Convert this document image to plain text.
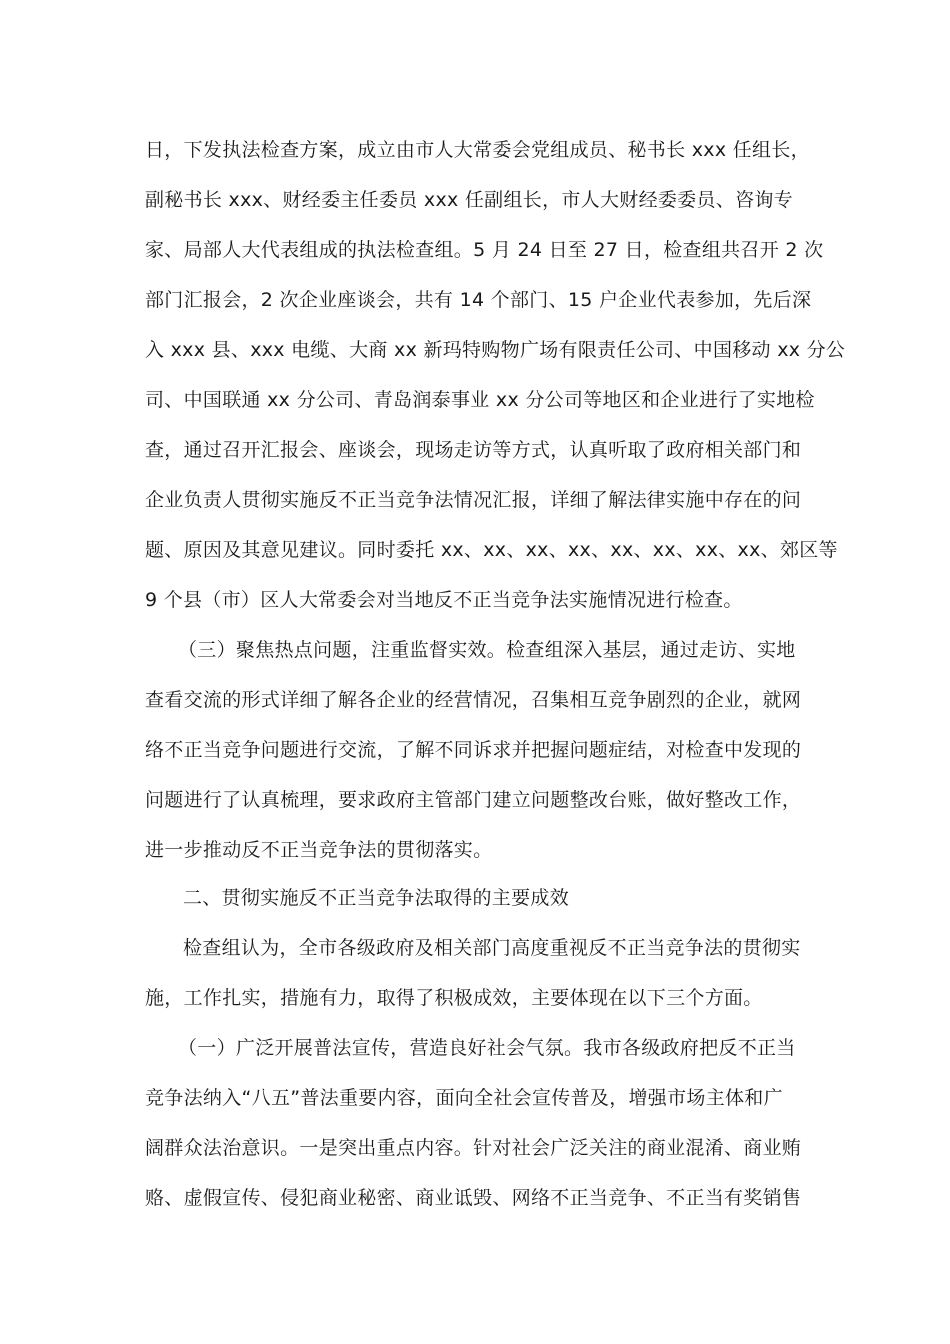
日，下发执法检查方案，成立由市人大常委会党组成员、秘书长 xxx 任组长，

副秘书长 xxx、财经委主任委员 xxx 任副组长，市人大财经委委员、咨询专

家、局部人大代表组成的执法检查组。5 月 24 日至 27 日，检查组共召开 2 次

部门汇报会，2 次企业座谈会，共有 14 个部门、15 户企业代表参加，先后深

入 xxx 县、xxx 电缆、大商 xx 新玛特购物广场有限责任公司、中国移动 xx 分公

司、中国联通 xx 分公司、青岛润泰事业 xx 分公司等地区和企业进行了实地检

查，通过召开汇报会、座谈会，现场走访等方式，认真听取了政府相关部门和

企业负责人贯彻实施反不正当竞争法情况汇报，详细了解法律实施中存在的问

题、原因及其意见建议。同时委托 xx、xx、xx、xx、xx、xx、xx、xx、郊区等

9 个县（市）区人大常委会对当地反不正当竞争法实施情况进行检查。

（三）聚焦热点问题，注重监督实效。检查组深入基层，通过走访、实地

查看交流的形式详细了解各企业的经营情况，召集相互竞争剧烈的企业，就网

络不正当竞争问题进行交流，了解不同诉求并把握问题症结，对检查中发现的

问题进行了认真梳理，要求政府主管部门建立问题整改台账，做好整改工作，

进一步推动反不正当竞争法的贯彻落实。

二、贯彻实施反不正当竞争法取得的主要成效

检查组认为，全市各级政府及相关部门高度重视反不正当竞争法的贯彻实

施，工作扎实，措施有力，取得了积极成效，主要体现在以下三个方面。

（一）广泛开展普法宣传，营造良好社会气氛。我市各级政府把反不正当

竞争法纳入“八五”普法重要内容，面向全社会宣传普及，增强市场主体和广

阔群众法治意识。一是突出重点内容。针对社会广泛关注的商业混淆、商业贿

赂、虚假宣传、侵犯商业秘密、商业诋毁、网络不正当竞争、不正当有奖销售
